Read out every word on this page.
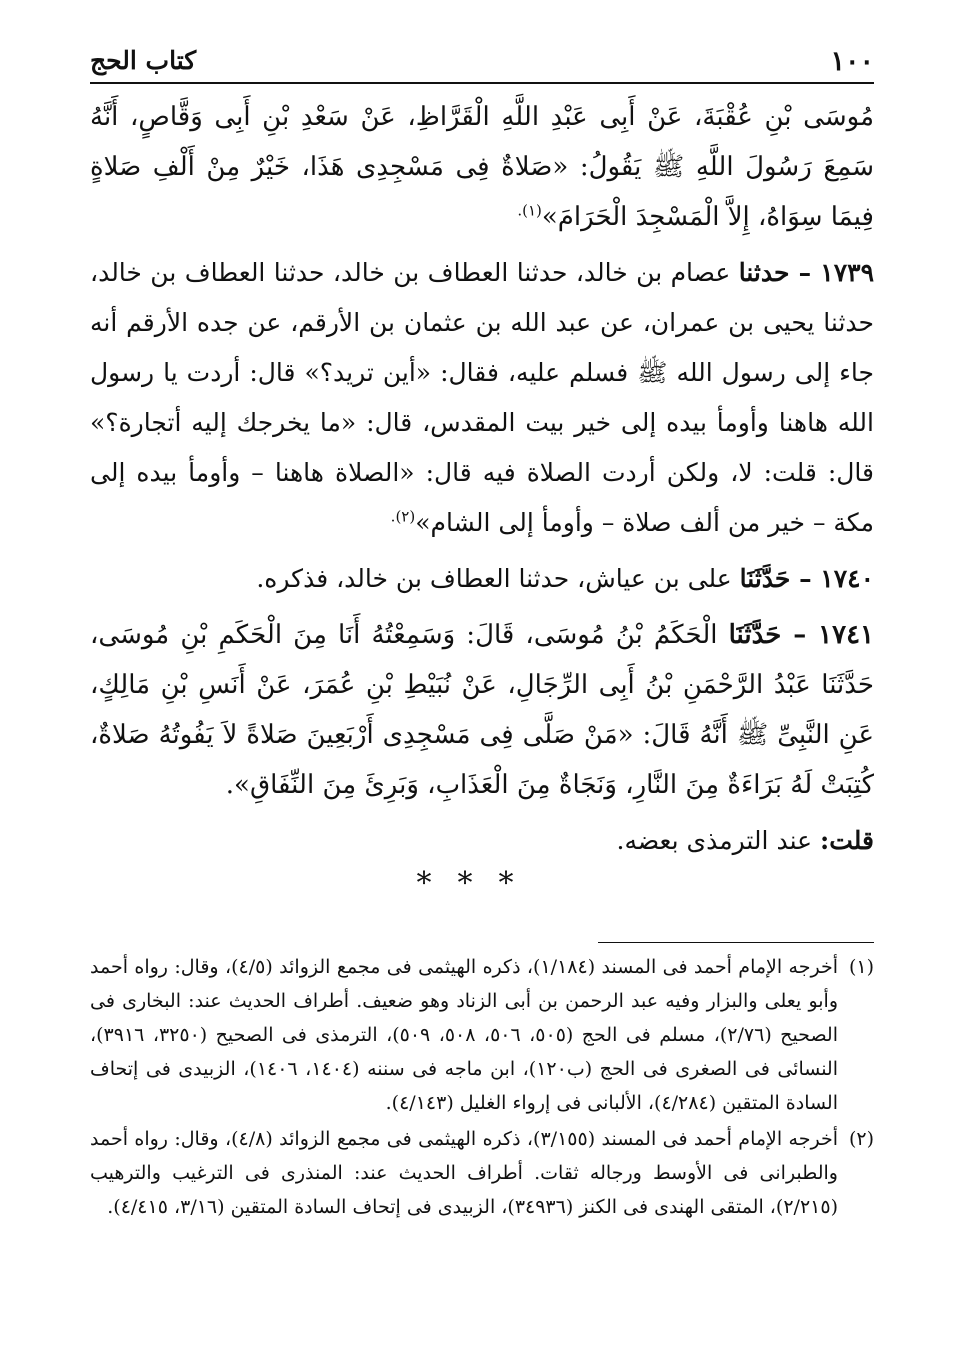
١٠٠
كتاب الحج

مُوسَى بْنِ عُقْبَةَ، عَنْ أَبِى عَبْدِ اللَّهِ الْقَرَّاظِ، عَنْ سَعْدِ بْنِ أَبِى وَقَّاصٍ، أَنَّهُ سَمِعَ رَسُولَ اللَّهِ ﷺ يَقُولُ: «صَلاةٌ فِى مَسْجِدِى هَذَا، خَيْرٌ مِنْ أَلْفِ صَلاةٍ فِيمَا سِوَاهُ، إِلاَّ الْمَسْجِدَ الْحَرَامَ»$^{(١).}$

١٧٣٩ – حدثنا عصام بن خالد، حدثنا العطاف بن خالد، حدثنا العطاف بن خالد، حدثنا يحيى بن عمران، عن عبد الله بن عثمان بن الأرقم، عن جده الأرقم أنه جاء إلى رسول الله ﷺ فسلم عليه، فقال: «أين تريد؟» قال: أردت يا رسول الله هاهنا وأومأ بيده إلى خير بيت المقدس، قال: «ما يخرجك إليه أتجارة؟» قال: قلت: لا، ولكن أردت الصلاة فيه قال: «الصلاة هاهنا – وأومأ بيده إلى مكة – خير من ألف صلاة – وأومأ إلى الشام»$^{(٢).}$

١٧٤٠ – حَدَّثَنَا على بن عياش، حدثنا العطاف بن خالد، فذكره.

١٧٤١ – حَدَّثَنَا الْحَكَمُ بْنُ مُوسَى، قَالَ: وَسَمِعْتُهُ أَنَا مِنَ الْحَكَمِ بْنِ مُوسَى، حَدَّثَنَا عَبْدُ الرَّحْمَنِ بْنُ أَبِى الرِّجَالِ، عَنْ نُبَيْطِ بْنِ عُمَرَ، عَنْ أَنَسِ بْنِ مَالِكٍ، عَنِ النَّبِىِّ ﷺ أَنَّهُ قَالَ: «مَنْ صَلَّى فِى مَسْجِدِى أَرْبَعِينَ صَلاةً لاَ يَفُوتُهُ صَلاةٌ، كُتِبَتْ لَهُ بَرَاءَةٌ مِنَ النَّارِ، وَنَجَاةٌ مِنَ الْعَذَابِ، وَبَرِئَ مِنَ النِّفَاقِ».

قلت: عند الترمذى بعضه.

***

(١)
أخرجه الإمام أحمد فى المسند (١/١٨٤)، ذكره الهيثمى فى مجمع الزوائد (٤/٥)، وقال: رواه أحمد وأبو يعلى والبزار وفيه عبد الرحمن بن أبى الزناد وهو ضعيف. أطراف الحديث عند: البخارى فى الصحيح (٢/٧٦)، مسلم فى الحج (٥٠٥، ٥٠٦، ٥٠٨، ٥٠٩)، الترمذى فى الصحيح (٣٢٥٠، ٣٩١٦)، النسائى فى الصغرى فى الحج (ب١٢٠)، ابن ماجه فى سننه (١٤٠٤، ١٤٠٦)، الزبيدى فى إتحاف السادة المتقين (٤/٢٨٤)، الألبانى فى إرواء الغليل (٤/١٤٣).

(٢)
أخرجه الإمام أحمد فى المسند (٣/١٥٥)، ذكره الهيثمى فى مجمع الزوائد (٤/٨)، وقال: رواه أحمد والطبرانى فى الأوسط ورجاله ثقات. أطراف الحديث عند: المنذرى فى الترغيب والترهيب (٢/٢١٥)، المتقى الهندى فى الكنز (٣٤٩٣٦)، الزبيدى فى إتحاف السادة المتقين (٣/١٦، ٤/٤١٥).
